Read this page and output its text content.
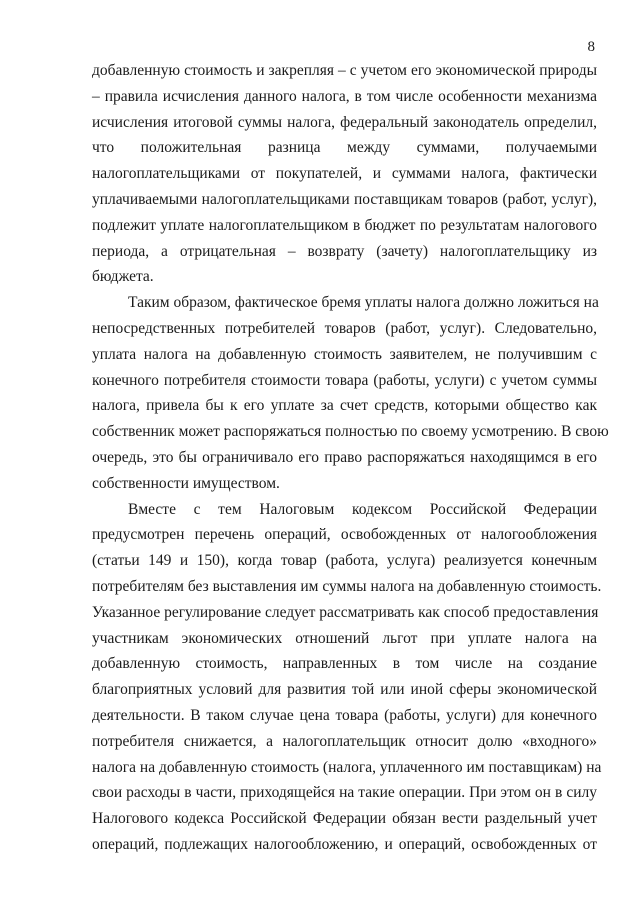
8
добавленную стоимость и закрепляя – с учетом его экономической природы
– правила исчисления данного налога, в том числе особенности механизма
исчисления итоговой суммы налога, федеральный законодатель определил,
что положительная разница между суммами, получаемыми
налогоплательщиками от покупателей, и суммами налога, фактически
уплачиваемыми налогоплательщиками поставщикам товаров (работ, услуг),
подлежит уплате налогоплательщиком в бюджет по результатам налогового
периода, а отрицательная – возврату (зачету) налогоплательщику из
бюджета.
Таким образом, фактическое бремя уплаты налога должно ложиться на
непосредственных потребителей товаров (работ, услуг). Следовательно,
уплата налога на добавленную стоимость заявителем, не получившим с
конечного потребителя стоимости товара (работы, услуги) с учетом суммы
налога, привела бы к его уплате за счет средств, которыми общество как
собственник может распоряжаться полностью по своему усмотрению. В свою
очередь, это бы ограничивало его право распоряжаться находящимся в его
собственности имуществом.
Вместе с тем Налоговым кодексом Российской Федерации
предусмотрен перечень операций, освобожденных от налогообложения
(статьи 149 и 150), когда товар (работа, услуга) реализуется конечным
потребителям без выставления им суммы налога на добавленную стоимость.
Указанное регулирование следует рассматривать как способ предоставления
участникам экономических отношений льгот при уплате налога на
добавленную стоимость, направленных в том числе на создание
благоприятных условий для развития той или иной сферы экономической
деятельности. В таком случае цена товара (работы, услуги) для конечного
потребителя снижается, а налогоплательщик относит долю «входного»
налога на добавленную стоимость (налога, уплаченного им поставщикам) на
свои расходы в части, приходящейся на такие операции. При этом он в силу
Налогового кодекса Российской Федерации обязан вести раздельный учет
операций, подлежащих налогообложению, и операций, освобожденных от
